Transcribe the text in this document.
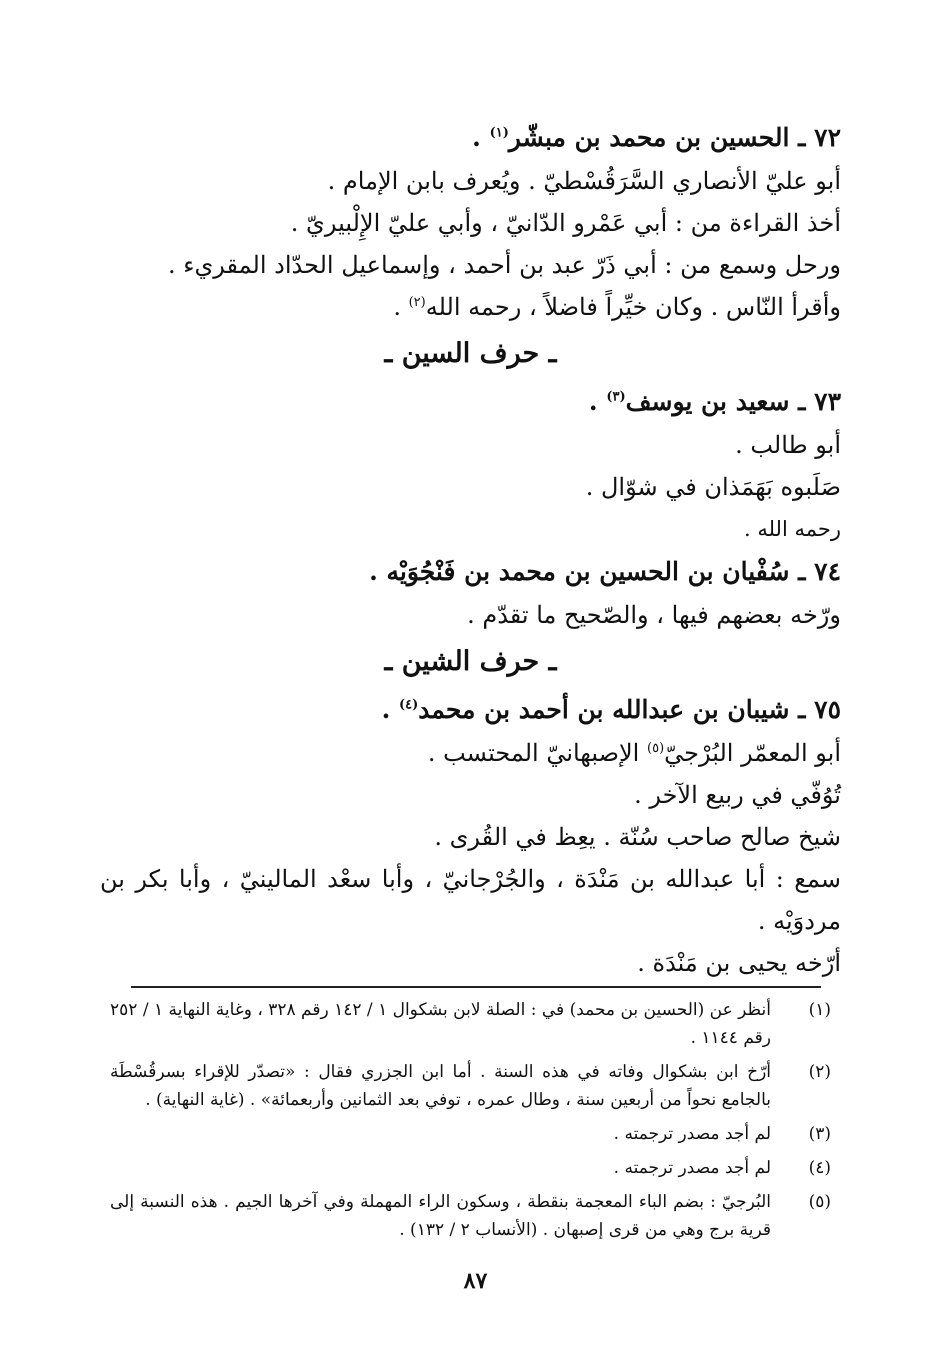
٧٢ ـ الحسين بن محمد بن مبشّر$^{(١)}$ .

أبو عليّ الأنصاري السَّرَقُسْطيّ . ويُعرف بابن الإمام .

أخذ القراءة من : أبي عَمْرو الدّانيّ ، وأبي عليّ الإِلْبيريّ .

ورحل وسمع من : أبي ذَرّ عبد بن أحمد ، وإسماعيل الحدّاد المقريء .

وأقرأ النّاس . وكان خيِّراً فاضلاً ، رحمه الله$^{(٢)}$ .

ـ حرف السين ـ

٧٣ ـ سعيد بن يوسف$^{(٣)}$ .

أبو طالب .

صَلَبوه بَهَمَذان في شوّال .

رحمه الله .

٧٤ ـ سُفْيان بن الحسين بن محمد بن فَنْجُوَيْه .

ورّخه بعضهم فيها ، والصّحيح ما تقدّم .

ـ حرف الشين ـ

٧٥ ـ شيبان بن عبدالله بن أحمد بن محمد$^{(٤)}$ .

أبو المعمّر البُرْجيّ$^{(٥)}$ الإصبهانيّ المحتسب .

تُوُفّي في ربيع الآخر .

شيخ صالح صاحب سُنّة . يعِظ في القُرى .

سمع : أبا عبدالله بن مَنْدَة ، والجُرْجانيّ ، وأبا سعْد المالينيّ ، وأبا بكر بن مردوَيْه .

أرّخه يحيى بن مَنْدَة .

(١)
أنظر عن (الحسين بن محمد) في : الصلة لابن بشكوال ١ / ١٤٢ رقم ٣٢٨ ، وغاية النهاية ١ / ٢٥٢ رقم ١١٤٤ .
(٢)
أرّخ ابن بشكوال وفاته في هذه السنة . أما ابن الجزري فقال : «تصدّر للإقراء بسرقُسْطَة بالجامع نحواً من أربعين سنة ، وطال عمره ، توفي بعد الثمانين وأربعمائة» . (غاية النهاية) .
(٣)
لم أجد مصدر ترجمته .
(٤)
لم أجد مصدر ترجمته .
(٥)
البُرجيّ : بضم الباء المعجمة بنقطة ، وسكون الراء المهملة وفي آخرها الجيم . هذه النسبة إلى قرية برج وهي من قرى إصبهان . (الأنساب ٢ / ١٣٢) .
٨٧
